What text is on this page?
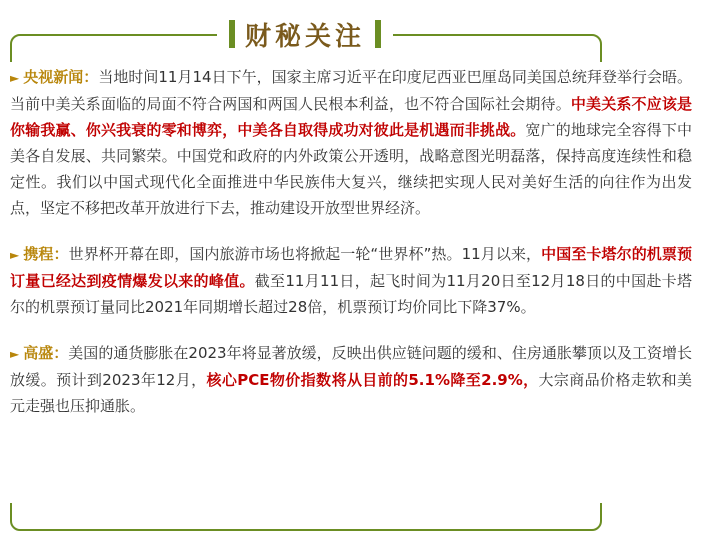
财秘关注

► 央视新闻：当地时间11月14日下午，国家主席习近平在印度尼西亚巴厘岛同美国总统拜登举行会晤。当前中美关系面临的局面不符合两国和两国人民根本利益，也不符合国际社会期待。中美关系不应该是你输我赢、你兴我衰的零和博弈，中美各自取得成功对彼此是机遇而非挑战。宽广的地球完全容得下中美各自发展、共同繁荣。中国党和政府的内外政策公开透明，战略意图光明磊落，保持高度连续性和稳定性。我们以中国式现代化全面推进中华民族伟大复兴，继续把实现人民对美好生活的向往作为出发点，坚定不移把改革开放进行下去，推动建设开放型世界经济。

► 携程：世界杯开幕在即，国内旅游市场也将掀起一轮“世界杯”热。11月以来，中国至卡塔尔的机票预订量已经达到疫情爆发以来的峰值。截至11月11日，起飞时间为11月20日至12月18日的中国赴卡塔尔的机票预订量同比2021年同期增长超过28倍，机票预订均价同比下降37%。

► 高盛：美国的通货膨胀在2023年将显著放缓，反映出供应链问题的缓和、住房通胀攀顶以及工资增长放缓。预计到2023年12月，核心PCE物价指数将从目前的5.1%降至2.9%，大宗商品价格走软和美元走强也压抑通胀。
